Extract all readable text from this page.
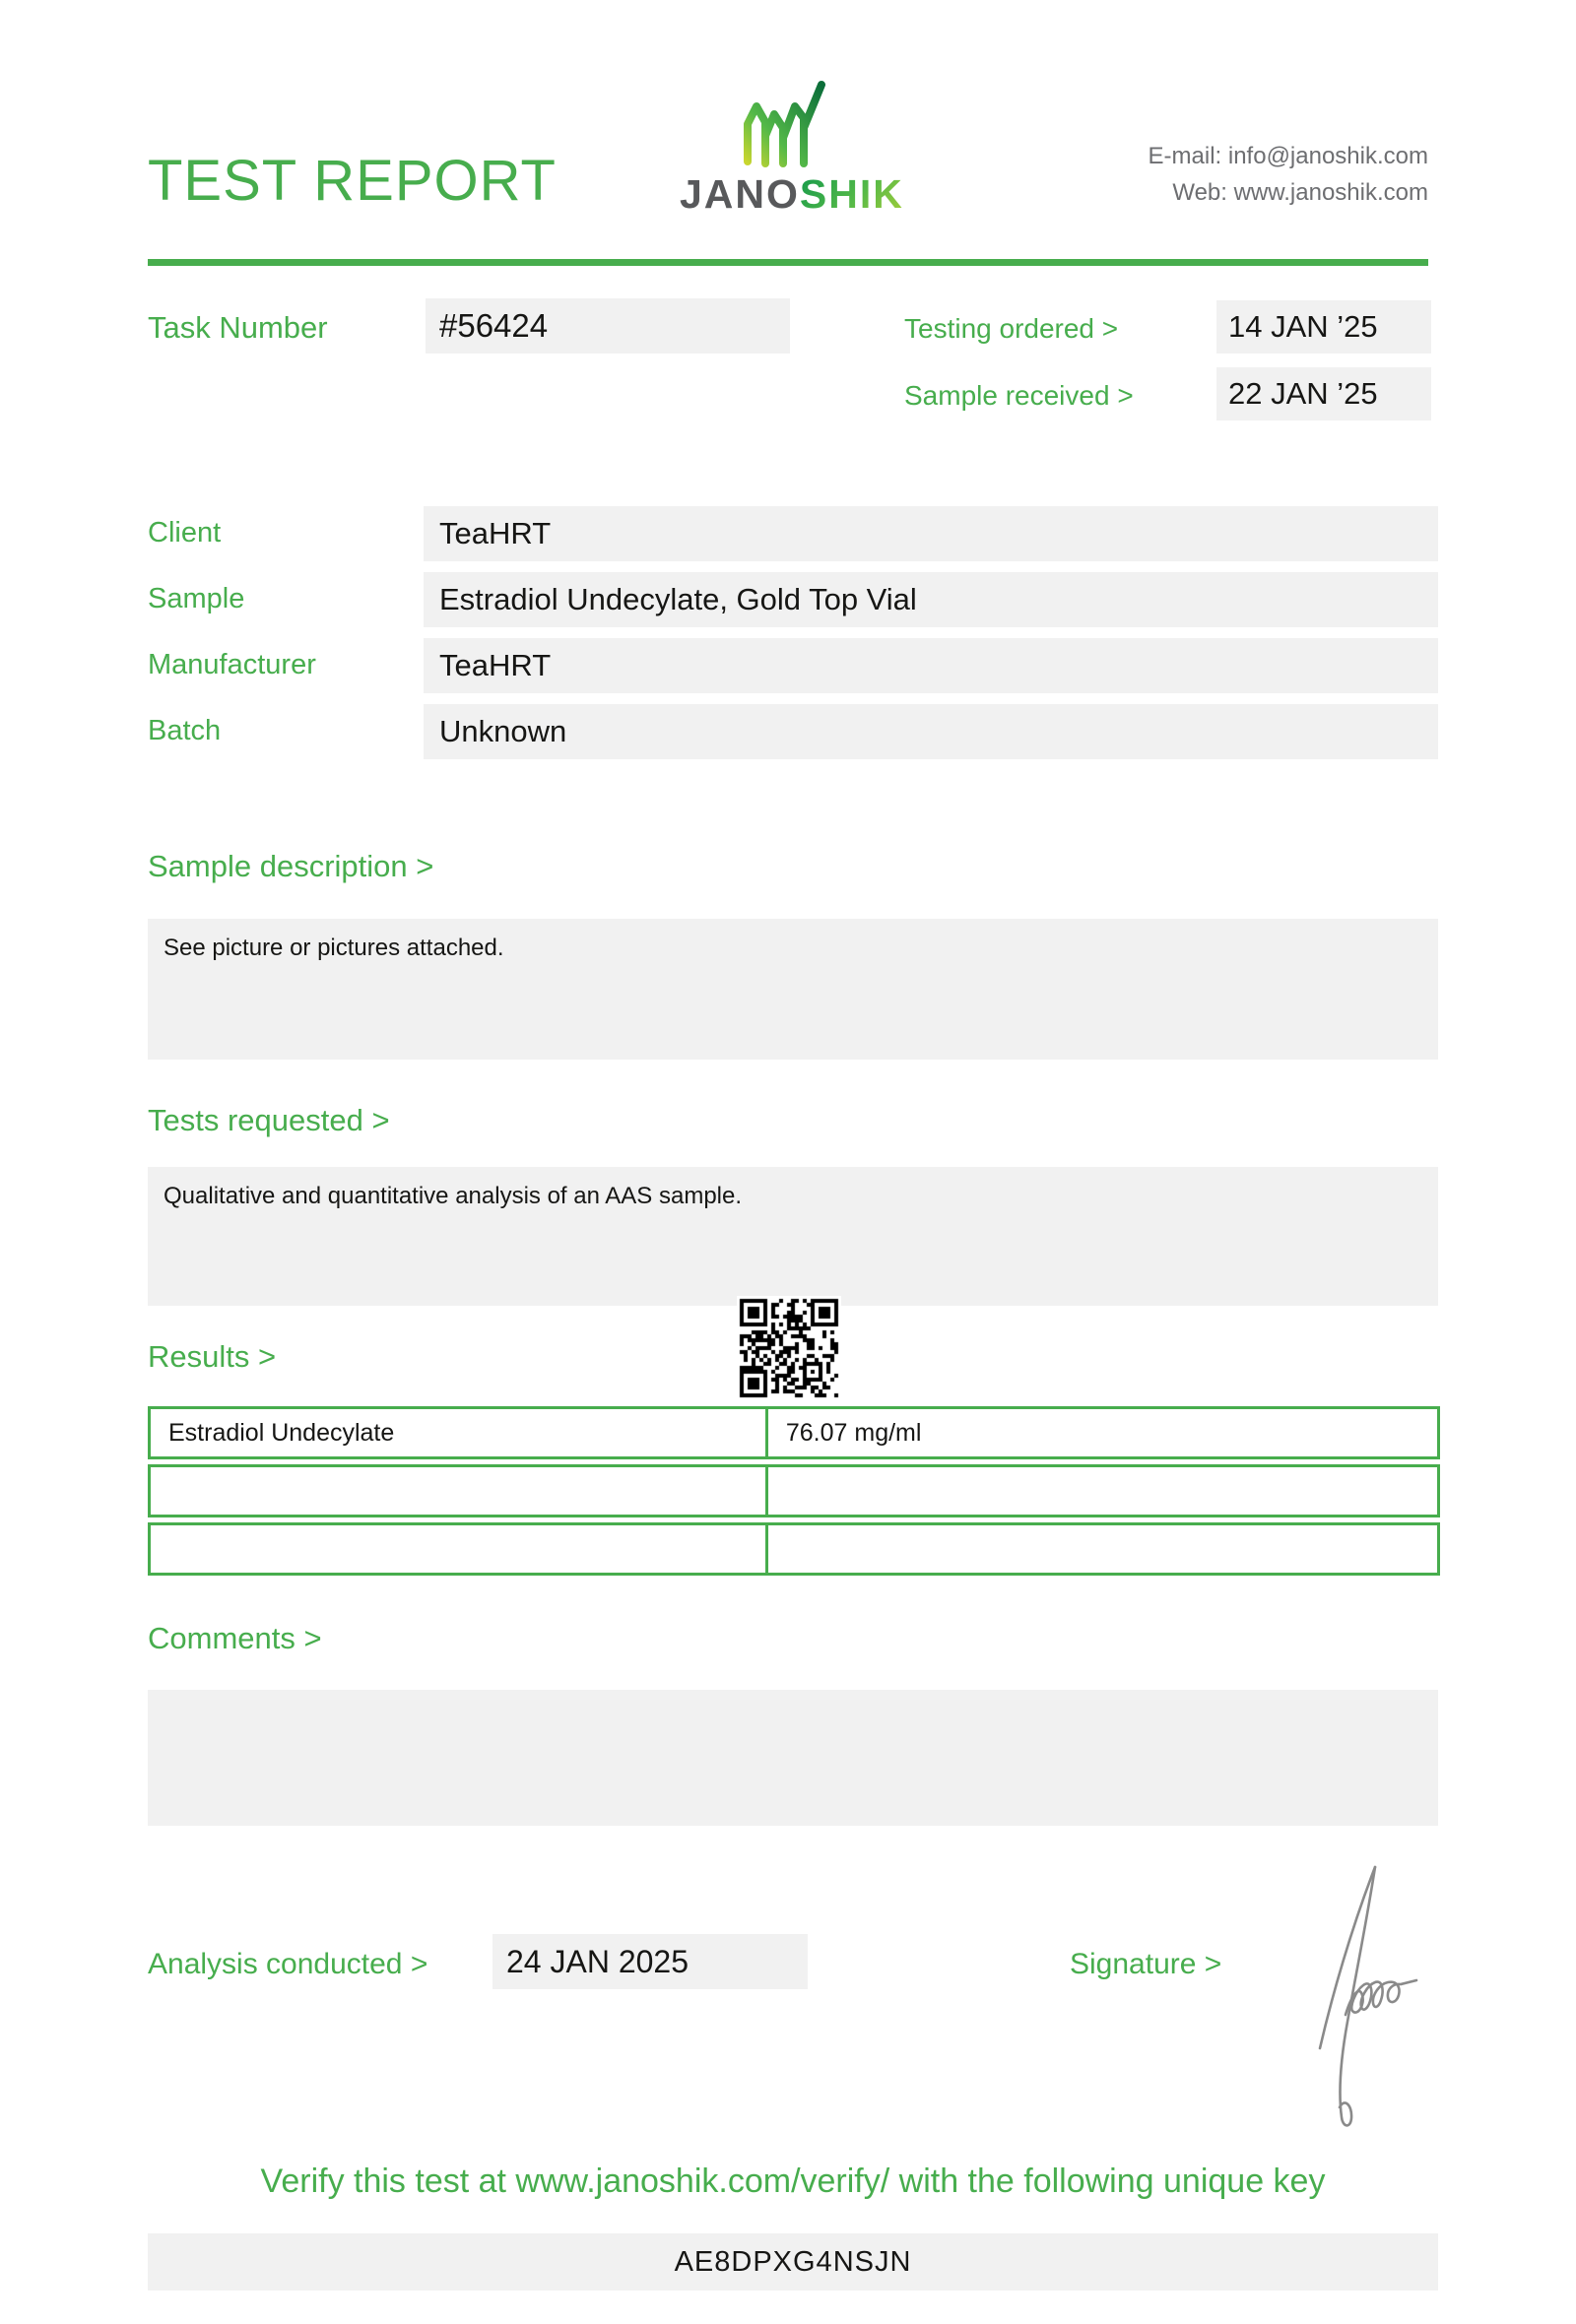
TEST REPORT	JANOSHIK
E-mail: info@janoshik.com
Web: www.janoshik.com
Task Number	#56424	Testing ordered >	14 JAN ’25
Sample received >	22 JAN ’25
Client	TeaHRT
Sample	Estradiol Undecylate, Gold Top Vial
Manufacturer	TeaHRT
Batch	Unknown
Sample description >
See picture or pictures attached.
Tests requested >
Qualitative and quantitative analysis of an AAS sample.
Results >
Estradiol Undecylate	76.07 mg/ml
Comments >
Analysis conducted >	24 JAN 2025	Signature >
Verify this test at www.janoshik.com/verify/ with the following unique key
AE8DPXG4NSJN
